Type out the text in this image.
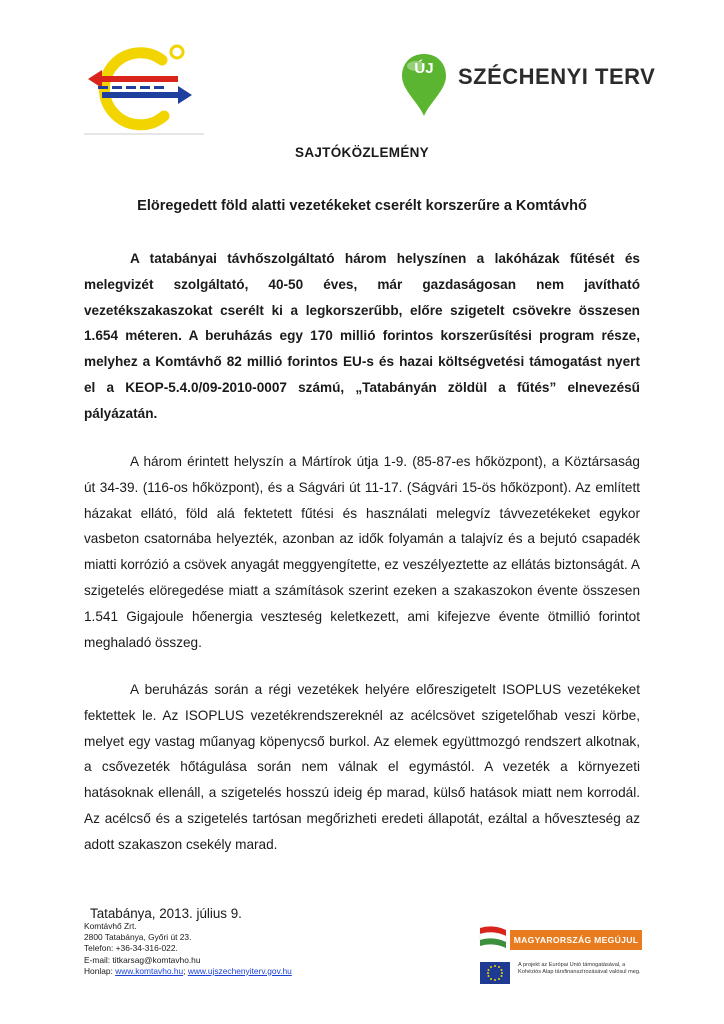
ÚJ SZÉCHENYI TERV
SAJTÓKÖZLEMÉNY
Elöregedett föld alatti vezetékeket cserélt korszerűre a Komtávhő

A tatabányai távhőszolgáltató három helyszínen a lakóházak fűtését és melegvizét szolgáltató, 40-50 éves, már gazdaságosan nem javítható vezetékszakaszokat cserélt ki a legkorszerűbb, előre szigetelt csövekre összesen 1.654 méteren. A beruházás egy 170 millió forintos korszerűsítési program része, melyhez a Komtávhő 82 millió forintos EU-s és hazai költségvetési támogatást nyert el a KEOP-5.4.0/09-2010-0007 számú, „Tatabányán zöldül a fűtés” elnevezésű pályázatán.

A három érintett helyszín a Mártírok útja 1-9. (85-87-es hőközpont), a Köztársaság út 34-39. (116-os hőközpont), és a Ságvári út 11-17. (Ságvári 15-ös hőközpont). Az említett házakat ellátó, föld alá fektetett fűtési és használati melegvíz távvezetékeket egykor vasbeton csatornába helyezték, azonban az idők folyamán a talajvíz és a bejutó csapadék miatti korrózió a csövek anyagát meggyengítette, ez veszélyeztette az ellátás biztonságát. A szigetelés elöregedése miatt a számítások szerint ezeken a szakaszokon évente összesen 1.541 Gigajoule hőenergia veszteség keletkezett, ami kifejezve évente ötmillió forintot meghaladó összeg.

A beruházás során a régi vezetékek helyére előreszigetelt ISOPLUS vezetékeket fektettek le. Az ISOPLUS vezetékrendszereknél az acélcsövet szigetelőhab veszi körbe, melyet egy vastag műanyag köpenycső burkol. Az elemek együttmozgó rendszert alkotnak, a csővezeték hőtágulása során nem válnak el egymástól. A vezeték a környezeti hatásoknak ellenáll, a szigetelés hosszú ideig ép marad, külső hatások miatt nem korrodál. Az acélcső és a szigetelés tartósan megőrizheti eredeti állapotát, ezáltal a hőveszteség az adott szakaszon csekély marad.

Tatabánya, 2013. július 9.
Komtávhő Zrt.
2800 Tatabánya, Győri út 23.
Telefon: +36-34-316-022.
E-mail: titkarsag@komtavho.hu
Honlap: www.komtavho.hu; www.ujszechenyiterv.gov.hu
MAGYARORSZÁG MEGÚJUL
A projekt az Európai Unió támogatásával, a Kohéziós Alap társfinanszírozásával valósul meg.
